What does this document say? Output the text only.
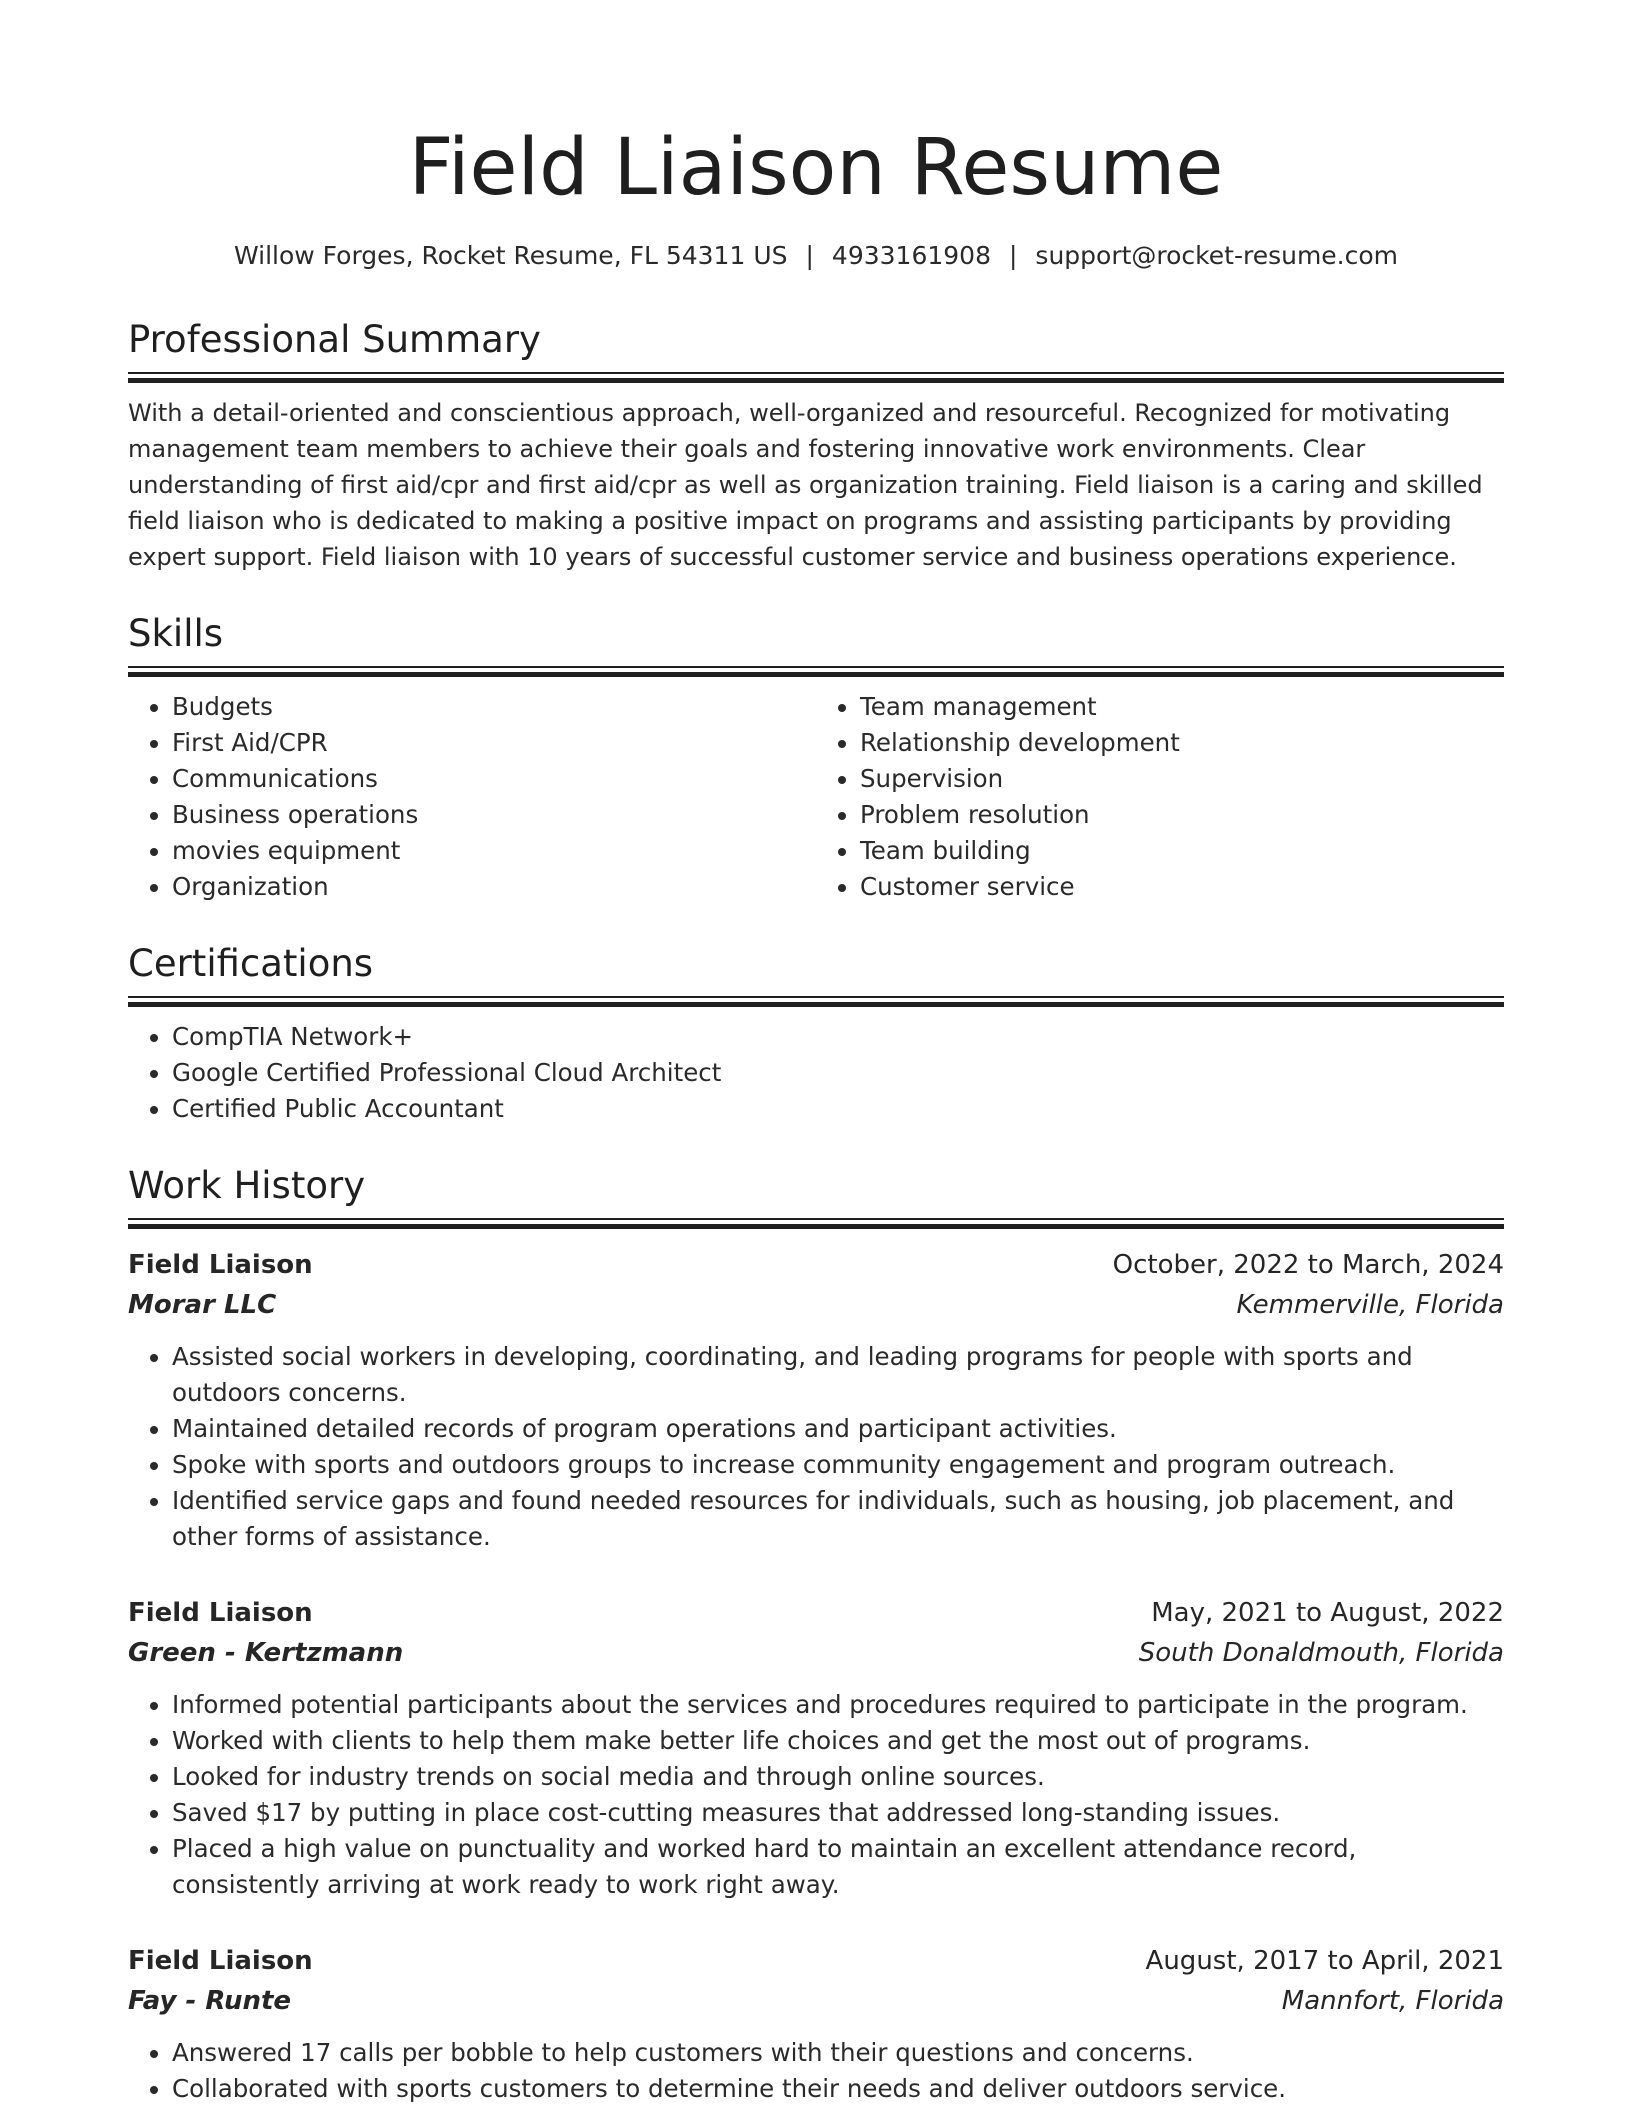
Field Liaison Resume
Willow Forges, Rocket Resume, FL 54311 US | 4933161908 | support@rocket-resume.com
Professional Summary

With a detail-oriented and conscientious approach, well-organized and resourceful. Recognized for motivating management team members to achieve their goals and fostering innovative work environments. Clear understanding of first aid/cpr and first aid/cpr as well as organization training. Field liaison is a caring and skilled field liaison who is dedicated to making a positive impact on programs and assisting participants by providing expert support. Field liaison with 10 years of successful customer service and business operations experience.

Skills
• Budgets
• First Aid/CPR
• Communications
• Business operations
• movies equipment
• Organization
• Team management
• Relationship development
• Supervision
• Problem resolution
• Team building
• Customer service
Certifications
• CompTIA Network+
• Google Certified Professional Cloud Architect
• Certified Public Accountant
Work History
Field Liaison	October, 2022 to March, 2024
Morar LLC	Kemmerville, Florida
• Assisted social workers in developing, coordinating, and leading programs for people with sports and outdoors concerns.
• Maintained detailed records of program operations and participant activities.
• Spoke with sports and outdoors groups to increase community engagement and program outreach.
• Identified service gaps and found needed resources for individuals, such as housing, job placement, and other forms of assistance.
Field Liaison	May, 2021 to August, 2022
Green - Kertzmann	South Donaldmouth, Florida
• Informed potential participants about the services and procedures required to participate in the program.
• Worked with clients to help them make better life choices and get the most out of programs.
• Looked for industry trends on social media and through online sources.
• Saved $17 by putting in place cost-cutting measures that addressed long-standing issues.
• Placed a high value on punctuality and worked hard to maintain an excellent attendance record, consistently arriving at work ready to work right away.
Field Liaison	August, 2017 to April, 2021
Fay - Runte	Mannfort, Florida
• Answered 17 calls per bobble to help customers with their questions and concerns.
• Collaborated with sports customers to determine their needs and deliver outdoors service.
